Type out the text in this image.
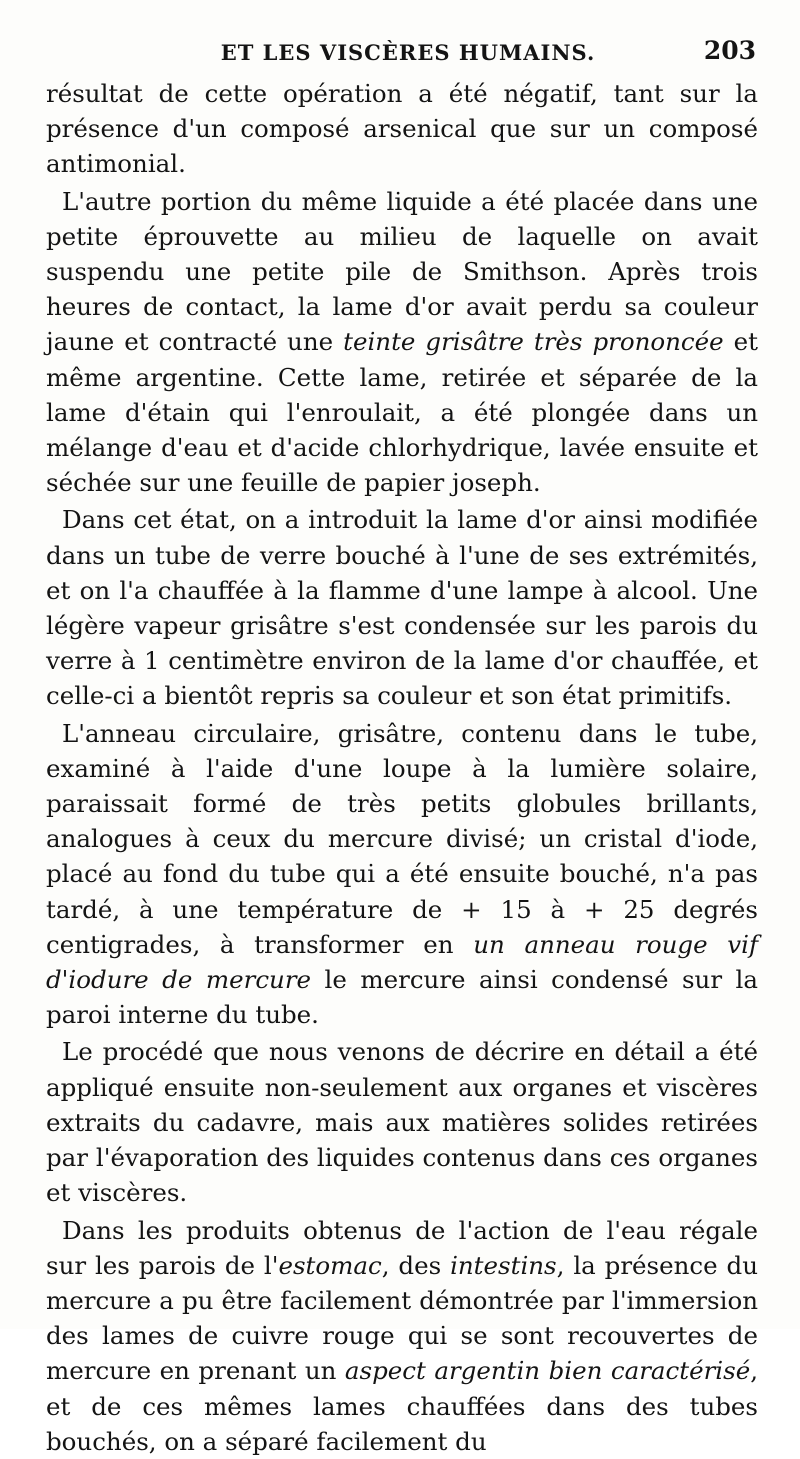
ET LES VISCÈRES HUMAINS.	203

résultat de cette opération a été négatif, tant sur la présence d'un composé arsenical que sur un composé antimonial.

L'autre portion du même liquide a été placée dans une petite éprouvette au milieu de laquelle on avait suspendu une petite pile de Smithson. Après trois heures de contact, la lame d'or avait perdu sa couleur jaune et contracté une teinte grisâtre très prononcée et même argentine. Cette lame, retirée et séparée de la lame d'étain qui l'enroulait, a été plongée dans un mélange d'eau et d'acide chlorhydrique, lavée ensuite et séchée sur une feuille de papier joseph.

Dans cet état, on a introduit la lame d'or ainsi modifiée dans un tube de verre bouché à l'une de ses extrémités, et on l'a chauffée à la flamme d'une lampe à alcool. Une légère vapeur grisâtre s'est condensée sur les parois du verre à 1 centimètre environ de la lame d'or chauffée, et celle-ci a bientôt repris sa couleur et son état primitifs.

L'anneau circulaire, grisâtre, contenu dans le tube, examiné à l'aide d'une loupe à la lumière solaire, paraissait formé de très petits globules brillants, analogues à ceux du mercure divisé; un cristal d'iode, placé au fond du tube qui a été ensuite bouché, n'a pas tardé, à une température de + 15 à + 25 degrés centigrades, à transformer en un anneau rouge vif d'iodure de mercure le mercure ainsi condensé sur la paroi interne du tube.

Le procédé que nous venons de décrire en détail a été appliqué ensuite non-seulement aux organes et viscères extraits du cadavre, mais aux matières solides retirées par l'évaporation des liquides contenus dans ces organes et viscères.

Dans les produits obtenus de l'action de l'eau régale sur les parois de l'estomac, des intestins, la présence du mercure a pu être facilement démontrée par l'immersion des lames de cuivre rouge qui se sont recouvertes de mercure en prenant un aspect argentin bien caractérisé, et de ces mêmes lames chauffées dans des tubes bouchés, on a séparé facilement du
